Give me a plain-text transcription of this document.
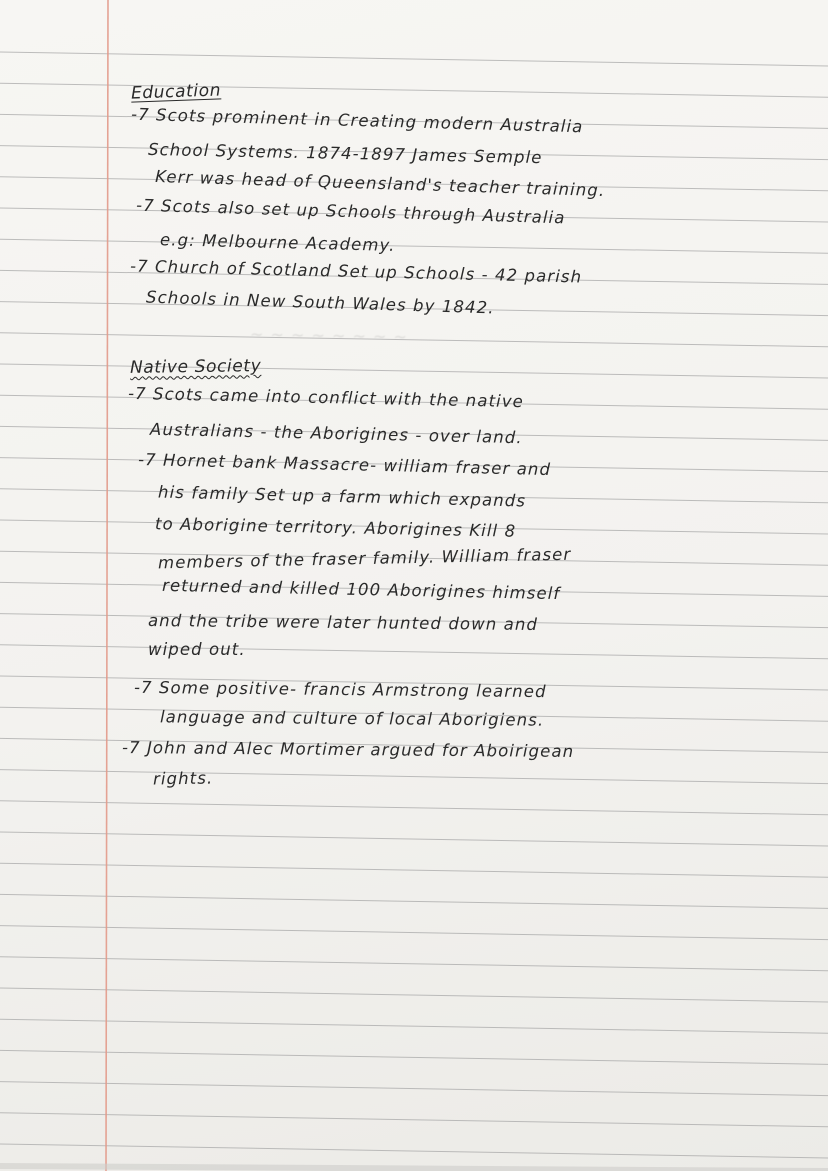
~ ~ ~ ~ ~ ~ ~ ~
Education
-7 Scots prominent in Creating modern Australia
School Systems. 1874-1897 James Semple
Kerr was head of Queensland's teacher training.
-7 Scots also set up Schools through Australia
e.g: Melbourne Academy.
-7 Church of Scotland Set up Schools - 42 parish
Schools in New South Wales by 1842.
Native Society
-7 Scots came into conflict with the native
Australians - the Aborigines - over land.
-7 Hornet bank Massacre- william fraser and
his family Set up a farm which expands
to Aborigine territory. Aborigines Kill 8
members of the fraser family. William fraser
returned and killed 100 Aborigines himself
and the tribe were later hunted down and
wiped out.
-7 Some positive- francis Armstrong learned
language and culture of local Aborigiens.
-7 John and Alec Mortimer argued for Aboirigean
rights.
